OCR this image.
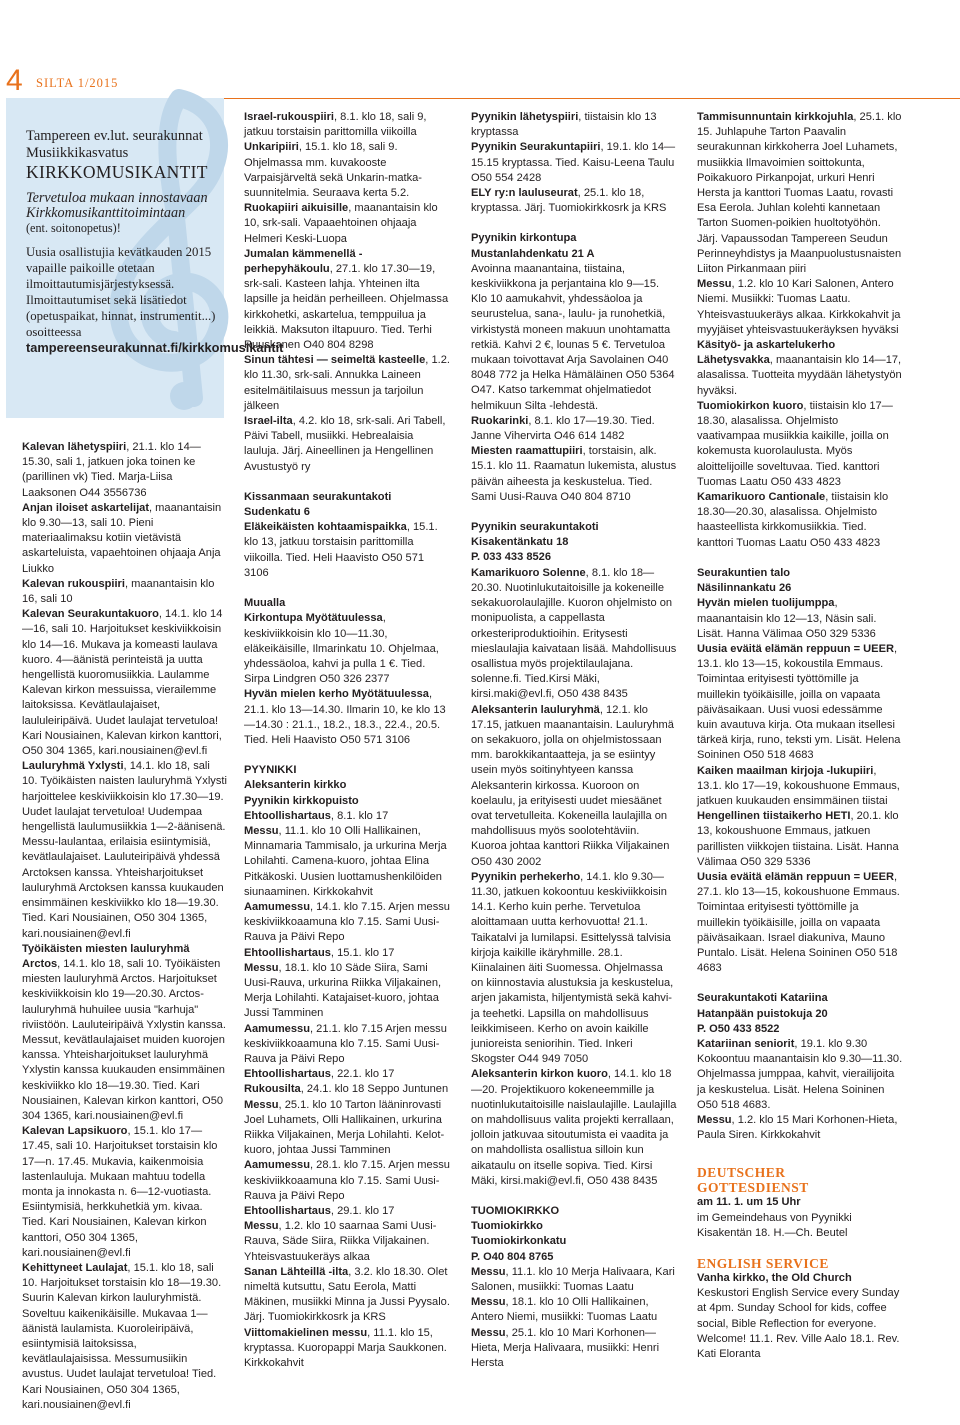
4 SILTA 1/2015
Tampereen ev.lut. seurakunnat
Musiikkikasvatus
KIRKKOMUSIKANTIT
Tervetuloa mukaan innostavaan Kirkkomusikanttitoimintaan
(ent. soitonopetus)!
Uusia osallistujia kevätkauden 2015 vapaille paikoille otetaan ilmoittautumisjärjestyksessä.
Ilmoittautumiset sekä lisätiedot (opetuspaikat, hinnat, instrumentit...) osoitteessa
tampereenseurakunnat.fi/kirkkomusikantit

Kalevan lähetyspiiri, 21.1. klo 14—15.30, sali 1, jatkuen joka toinen ke (parillinen vk) Tied. Marja-Liisa Laaksonen O44 3556736

Anjan iloiset askartelijat, maanantaisin klo 9.30—13, sali 10. Pieni materiaalimaksu kotiin vietävistä askarteluista, vapaehtoinen ohjaaja Anja Liukko

Kalevan rukouspiiri, maanantaisin klo 16, sali 10

Kalevan Seurakuntakuoro, 14.1. klo 14—16, sali 10. Harjoitukset keskiviikkoisin klo 14—16. Mukava ja komeasti laulava kuoro. 4—äänistä perinteistä ja uutta hengellistä kuoromusiikkia. Laulamme Kalevan kirkon messuissa, vierailemme laitoksissa. Kevätlaulajaiset, laululeiripäivä. Uudet laulajat tervetuloa! Kari Nousiainen, Kalevan kirkon kanttori, O50 304 1365, kari.nousiainen@evl.fi

Lauluryhmä Yxlysti, 14.1. klo 18, sali 10. Työikäisten naisten lauluryhmä Yxlysti harjoittelee keskiviikkoisin klo 17.30—19. Uudet laulajat tervetuloa! Uudempaa hengellistä laulumusiikkia 1—2-äänisenä. Messu-laulantaa, erilaisia esiintymisiä, kevätlaulajaiset. Lauluteiripäivä yhdessä Arctoksen kanssa. Yhteisharjoitukset lauluryhmä Arctoksen kanssa kuukauden ensimmäinen keskiviikko klo 18—19.30. Tied. Kari Nousiainen, O50 304 1365, kari.nousiainen@evl.fi

Työikäisten miesten lauluryhmä Arctos, 14.1. klo 18, sali 10. Työikäisten miesten lauluryhmä Arctos. Harjoitukset keskiviikkoisin klo 19—20.30. Arctos-lauluryhmä huhuilee uusia "karhuja" riviistöön. Lauluteiripäivä Yxlystin kanssa. Messut, kevätlaulajaiset muiden kuorojen kanssa. Yhteisharjoitukset lauluryhmä Yxlystin kanssa kuukauden ensimmäinen keskiviikko klo 18—19.30. Tied. Kari Nousiainen, Kalevan kirkon kanttori, O50 304 1365, kari.nousiainen@evl.fi

Kalevan Lapsikuoro, 15.1. klo 17—17.45, sali 10. Harjoitukset torstaisin klo 17—n. 17.45. Mukavia, kaikenmoisia lastenlauluja. Mukaan mahtuu todella monta ja innokasta n. 6—12-vuotiasta. Esiintymisiä, herkkuhetkiä ym. kivaa. Tied. Kari Nousiainen, Kalevan kirkon kanttori, O50 304 1365, kari.nousiainen@evl.fi

Kehittyneet Laulajat, 15.1. klo 18, sali 10. Harjoitukset torstaisin klo 18—19.30. Suurin Kalevan kirkon lauluryhmistä. Soveltuu kaikenikäisille. Mukavaa 1—äänistä laulamista. Kuoroleiripäivä, esiintymisiä laitoksissa, kevätlaulajaisissa. Messumusiikin avustus. Uudet laulajat tervetuloa! Tied. Kari Nousiainen, O50 304 1365, kari.nousiainen@evl.fi

Israel-rukouspiiri, 8.1. klo 18, sali 9, jatkuu torstaisin parittomilla viikoilla

Unkaripiiri, 15.1. klo 18, sali 9. Ohjelmassa mm. kuvakooste Varpaisjärveltä sekä Unkarin-matka-suunnitelmia. Seuraava kerta 5.2.

Ruokapiiri aikuisille, maanantaisin klo 10, srk-sali. Vapaaehtoinen ohjaaja Helmeri Keski-Luopa

Jumalan kämmenellä -perhepyhäkoulu, 27.1. klo 17.30—19, srk-sali. Kasteen lahja. Yhteinen ilta lapsille ja heidän perheilleen. Ohjelmassa kirkkohetki, askartelua, temppuilua ja leikkiä. Maksuton iltapuuro. Tied. Terhi Ruuskanen O40 804 8298

Sinun tähtesi — seimeltä kasteelle, 1.2. klo 11.30, srk-sali. Annukka Laineen esitelmäitilaisuus messun ja tarjoilun jälkeen

Israel-ilta, 4.2. klo 18, srk-sali. Ari Tabell, Päivi Tabell, musiikki. Hebrealaisia lauluja. Järj. Aineellinen ja Hengellinen Avustustyö ry

Kissanmaan seurakuntakoti

Sudenkatu 6

Eläkeikäisten kohtaamispaikka, 15.1. klo 13, jatkuu torstaisin parittomilla viikoilla. Tied. Heli Haavisto O50 571 3106

Muualla

Kirkontupa Myötätuulessa, keskiviikkoisin klo 10—11.30, eläkeikäisille, Ilmarinkatu 10. Ohjelmaa, yhdessäoloa, kahvi ja pulla 1 €. Tied. Sirpa Lindgren O50 326 2377

Hyvän mielen kerho Myötätuulessa, 21.1. klo 13—14.30. Ilmarin 10, ke klo 13—14.30 : 21.1., 18.2., 18.3., 22.4., 20.5. Tied. Heli Haavisto O50 571 3106

PYYNIKKI

Aleksanterin kirkko

Pyynikin kirkkopuisto

Ehtoollishartaus, 8.1. klo 17

Messu, 11.1. klo 10 Olli Hallikainen, Minnamaria Tammisalo, ja urkurina Merja Lohilahti. Camena-kuoro, johtaa Elina Pitkäkoski. Uusien luottamushenkilöiden siunaaminen. Kirkkokahvit

Aamumessu, 14.1. klo 7.15. Arjen messu keskiviikkoaamuna klo 7.15. Sami Uusi-Rauva ja Päivi Repo

Ehtoollishartaus, 15.1. klo 17

Messu, 18.1. klo 10 Säde Siira, Sami Uusi-Rauva, urkurina Riikka Viljakainen, Merja Lohilahti. Katajaiset-kuoro, johtaa Jussi Tamminen

Aamumessu, 21.1. klo 7.15 Arjen messu keskiviikkoaamuna klo 7.15. Sami Uusi-Rauva ja Päivi Repo

Ehtoollishartaus, 22.1. klo 17

Rukousilta, 24.1. klo 18 Seppo Juntunen

Messu, 25.1. klo 10 Tarton lääninrovasti Joel Luhamets, Olli Hallikainen, urkurina Riikka Viljakainen, Merja Lohilahti. Kelot-kuoro, johtaa Jussi Tamminen

Aamumessu, 28.1. klo 7.15. Arjen messu keskiviikkoaamuna klo 7.15. Sami Uusi-Rauva ja Päivi Repo

Ehtoollishartaus, 29.1. klo 17

Messu, 1.2. klo 10 saarnaa Sami Uusi-Rauva, Säde Siira, Riikka Viljakainen. Yhteisvastuukeräys alkaa

Sanan Lähteillä -ilta, 3.2. klo 18.30. Olet nimeltä kutsuttu, Satu Eerola, Matti Mäkinen, musiikki Minna ja Jussi Pyysalo. Järj. Tuomiokirkkosrk ja KRS

Viittomakielinen messu, 11.1. klo 15, kryptassa. Kuoropappi Marja Saukkonen. Kirkkokahvit

Pyynikin lähetyspiiri, tiistaisin klo 13 kryptassa

Pyynikin Seurakuntapiiri, 19.1. klo 14—15.15 kryptassa. Tied. Kaisu-Leena Taulu O50 554 2428

ELY ry:n lauluseurat, 25.1. klo 18, kryptassa. Järj. Tuomiokirkkosrk ja KRS

Pyynikin kirkontupa

Mustanlahdenkatu 21 A

Avoinna maanantaina, tiistaina, keskiviikkona ja perjantaina klo 9—15. Klo 10 aamukahvit, yhdessäoloa ja seurustelua, sana-, laulu- ja runohetkiä, virkistystä moneen makuun unohtamatta retkiä. Kahvi 2 €, lounas 5 €. Tervetuloa mukaan toivottavat Arja Savolainen O40 8048 772 ja Helka Hämäläinen O50 5364 O47. Katso tarkemmat ohjelmatiedot helmikuun Silta -lehdestä.

Ruokarinki, 8.1. klo 17—19.30. Tied. Janne Vihervirta O46 614 1482

Miesten raamattupiiri, torstaisin, alk. 15.1. klo 11. Raamatun lukemista, alustus päivän aiheesta ja keskustelua. Tied. Sami Uusi-Rauva O40 804 8710

Pyynikin seurakuntakoti

Kisakentänkatu 18

P. 033 433 8526

Kamarikuoro Solenne, 8.1. klo 18—20.30. Nuotinlukutaitoisille ja kokeneille sekakuorolaulajille. Kuoron ohjelmisto on monipuolista, a cappellasta orkesteriproduktioihin. Eritysesti mieslaulajia kaivataan lisää. Mahdollisuus osallistua myös projektilaulajana. solenne.fi. Tied.Kirsi Mäki, kirsi.maki@evl.fi, O50 438 8435

Aleksanterin lauluryhmä, 12.1. klo 17.15, jatkuen maanantaisin. Lauluryhmä on sekakuoro, jolla on ohjelmistossaan mm. barokkikantaatteja, ja se esiintyy usein myös soitinyhtyeen kanssa Aleksanterin kirkossa. Kuoroon on koelaulu, ja erityisesti uudet miesäänet ovat tervetulleita. Kokeneilla laulajilla on mahdollisuus myös soolotehtäviin. Kuoroa johtaa kanttori Riikka Viljakainen O50 430 2002

Pyynikin perhekerho, 14.1. klo 9.30—11.30, jatkuen kokoontuu keskiviikkoisin 14.1. Kerho kuin perhe. Tervetuloa aloittamaan uutta kerhovuotta! 21.1. Taikatalvi ja lumilapsi. Esittelyssä talvisia kirjoja kaikille ikäryhmille. 28.1. Kiinalainen äiti Suomessa. Ohjelmassa on kiinnostavia alustuksia ja keskustelua, arjen jakamista, hiljentymistä sekä kahvi- ja teehetki. Lapsilla on mahdollisuus leikkimiseen. Kerho on avoin kaikille junioreista seniorihin. Tied. Inkeri Skogster O44 949 7050

Aleksanterin kirkon kuoro, 14.1. klo 18—20. Projektikuoro kokeneemmille ja nuotinlukutaitoisille naislaulajille. Laulajilla on mahdollisuus valita projekti kerrallaan, jolloin jatkuvaa sitoutumista ei vaadita ja on mahdollista osallistua silloin kun aikataulu on itselle sopiva. Tied. Kirsi Mäki, kirsi.maki@evl.fi, O50 438 8435

TUOMIOKIRKKO

Tuomiokirkko

Tuomiokirkonkatu

P. O40 804 8765

Messu, 11.1. klo 10 Merja Halivaara, Kari Salonen, musiikki: Tuomas Laatu

Messu, 18.1. klo 10 Olli Hallikainen, Antero Niemi, musiikki: Tuomas Laatu

Messu, 25.1. klo 10 Mari Korhonen—Hieta, Merja Halivaara, musiikki: Henri Hersta

Tammisunnuntain kirkkojuhla, 25.1. klo 15. Juhlapuhe Tarton Paavalin seurakunnan kirkkoherra Joel Luhamets, musiikkia Ilmavoimien soittokunta, Poikakuoro Pirkanpojat, urkuri Henri Hersta ja kanttori Tuomas Laatu, rovasti Esa Eerola. Juhlan kolehti kannetaan Tarton Suomen-poikien huoltotyöhön. Järj. Vapaussodan Tampereen Seudun Perinneyhdistys ja Maanpuolustusnaisten Liiton Pirkanmaan piiri

Messu, 1.2. klo 10 Kari Salonen, Antero Niemi. Musiikki: Tuomas Laatu. Yhteisvastuukeräys alkaa. Kirkkokahvit ja myyjäiset yhteisvastuukeräyksen hyväksi

Käsityö- ja askartelukerho Lähetysvakka, maanantaisin klo 14—17, alasalissa. Tuotteita myydään lähetystyön hyväksi.

Tuomiokirkon kuoro, tiistaisin klo 17—18.30, alasalissa. Ohjelmisto vaativampaa musiikkia kaikille, joilla on kokemusta kuorolaulusta. Myös aloittelijoille soveltuvaa. Tied. kanttori Tuomas Laatu O50 433 4823

Kamarikuoro Cantionale, tiistaisin klo 18.30—20.30, alasalissa. Ohjelmisto haasteellista kirkkomusiikkia. Tied. kanttori Tuomas Laatu O50 433 4823

Seurakuntien talo

Näsilinnankatu 26

Hyvän mielen tuolijumppa, maanantaisin klo 12—13, Näsin sali. Lisät. Hanna Välimaa O50 329 5336

Uusia eväitä elämän reppuun = UEER, 13.1. klo 13—15, kokoustila Emmaus. Toimintaa erityisesti työttömille ja muillekin työikäisille, joilla on vapaata päiväsaikaan. Uusi vuosi edessämme kuin avautuva kirja. Ota mukaan itsellesi tärkeä kirja, runo, teksti ym. Lisät. Helena Soininen O50 518 4683

Kaiken maailman kirjoja -lukupiiri, 13.1. klo 17—19, kokoushuone Emmaus, jatkuen kuukauden ensimmäinen tiistai

Hengellinen tiistaikerho HETI, 20.1. klo 13, kokoushuone Emmaus, jatkuen parillisten viikkojen tiistaina. Lisät. Hanna Välimaa O50 329 5336

Uusia eväitä elämän reppuun = UEER, 27.1. klo 13—15, kokoushuone Emmaus. Toimintaa erityisesti työttömille ja muillekin työikäisille, joilla on vapaata päiväsaikaan. Israel diakuniva, Mauno Puntalo. Lisät. Helena Soininen O50 518 4683

Seurakuntakoti Katariina

Hatanpään puistokuja 20

P. O50 433 8522

Katariinan seniorit, 19.1. klo 9.30 Kokoontuu maanantaisin klo 9.30—11.30. Ohjelmassa jumppaa, kahvit, vierailijoita ja keskustelua. Lisät. Helena Soininen O50 518 4683.

Messu, 1.2. klo 15 Mari Korhonen-Hieta, Paula Siren. Kirkkokahvit

DEUTSCHER

GOTTESDIENST

am 11. 1. um 15 Uhr

im Gemeindehaus von Pyynikki Kisakentän 18. H.—Ch. Beutel

ENGLISH SERVICE

Vanha kirkko, the Old Church

Keskustori English Service every Sunday at 4pm. Sunday School for kids, coffee social, Bible Reflection for everyone. Welcome! 11.1. Rev. Ville Aalo 18.1. Rev. Kati Eloranta
